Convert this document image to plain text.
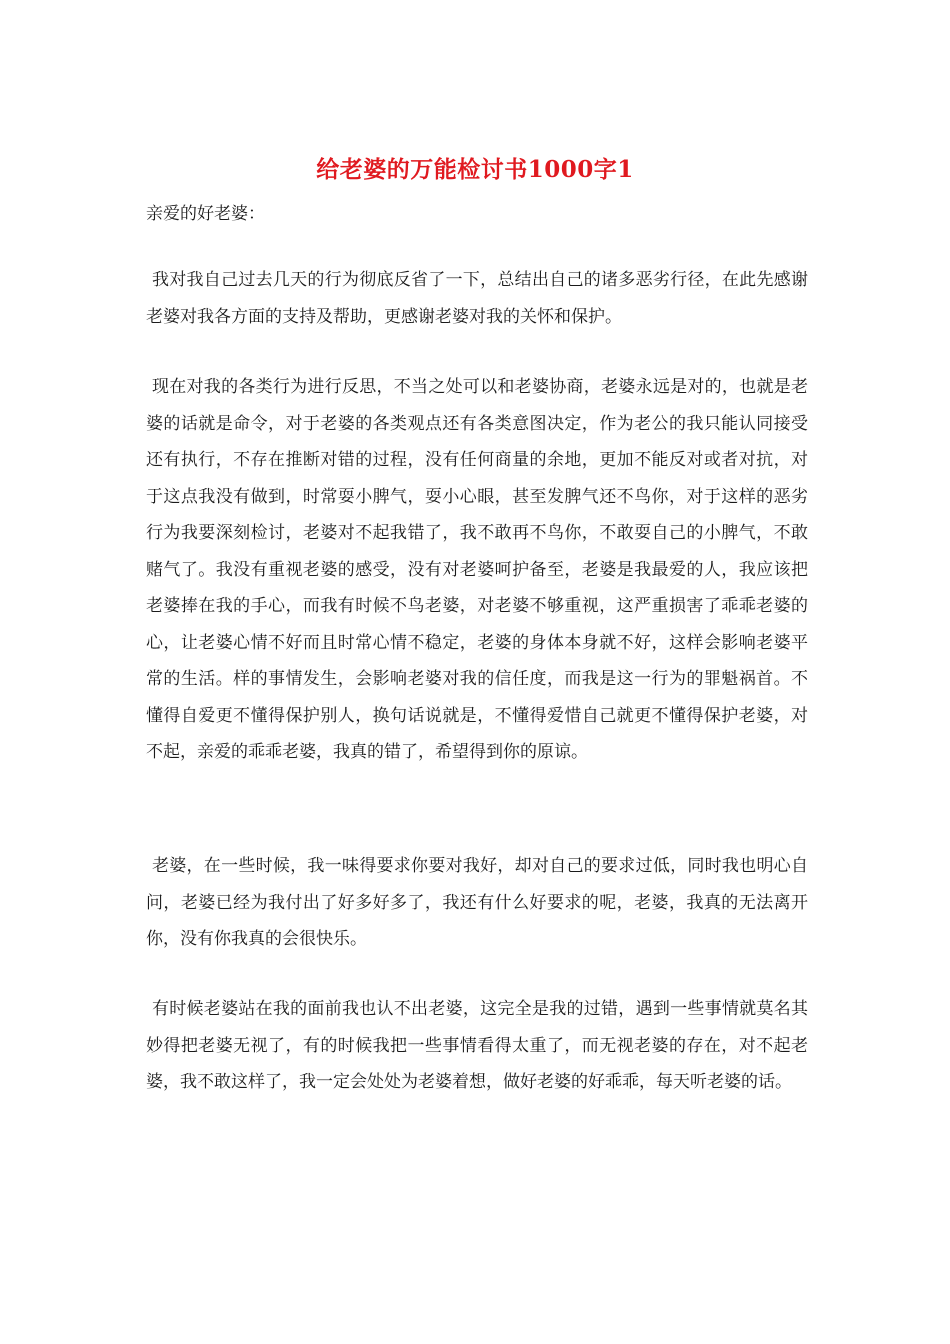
给老婆的万能检讨书1000字1
亲爱的好老婆：

我对我自己过去几天的行为彻底反省了一下，总结出自己的诸多恶劣行径，在此先感谢老婆对我各方面的支持及帮助，更感谢老婆对我的关怀和保护。

现在对我的各类行为进行反思，不当之处可以和老婆协商，老婆永远是对的，也就是老婆的话就是命令，对于老婆的各类观点还有各类意图决定，作为老公的我只能认同接受还有执行，不存在推断对错的过程，没有任何商量的余地，更加不能反对或者对抗，对于这点我没有做到，时常耍小脾气，耍小心眼，甚至发脾气还不鸟你，对于这样的恶劣行为我要深刻检讨，老婆对不起我错了，我不敢再不鸟你，不敢耍自己的小脾气，不敢赌气了。我没有重视老婆的感受，没有对老婆呵护备至，老婆是我最爱的人，我应该把老婆捧在我的手心，而我有时候不鸟老婆，对老婆不够重视，这严重损害了乖乖老婆的心，让老婆心情不好而且时常心情不稳定，老婆的身体本身就不好，这样会影响老婆平常的生活。样的事情发生，会影响老婆对我的信任度，而我是这一行为的罪魁祸首。不懂得自爱更不懂得保护别人，换句话说就是，不懂得爱惜自己就更不懂得保护老婆，对不起，亲爱的乖乖老婆，我真的错了，希望得到你的原谅。

老婆，在一些时候，我一味得要求你要对我好，却对自己的要求过低，同时我也明心自问，老婆已经为我付出了好多好多了，我还有什么好要求的呢，老婆，我真的无法离开你，没有你我真的会很快乐。

有时候老婆站在我的面前我也认不出老婆，这完全是我的过错，遇到一些事情就莫名其妙得把老婆无视了，有的时候我把一些事情看得太重了，而无视老婆的存在，对不起老婆，我不敢这样了，我一定会处处为老婆着想，做好老婆的好乖乖，每天听老婆的话。
